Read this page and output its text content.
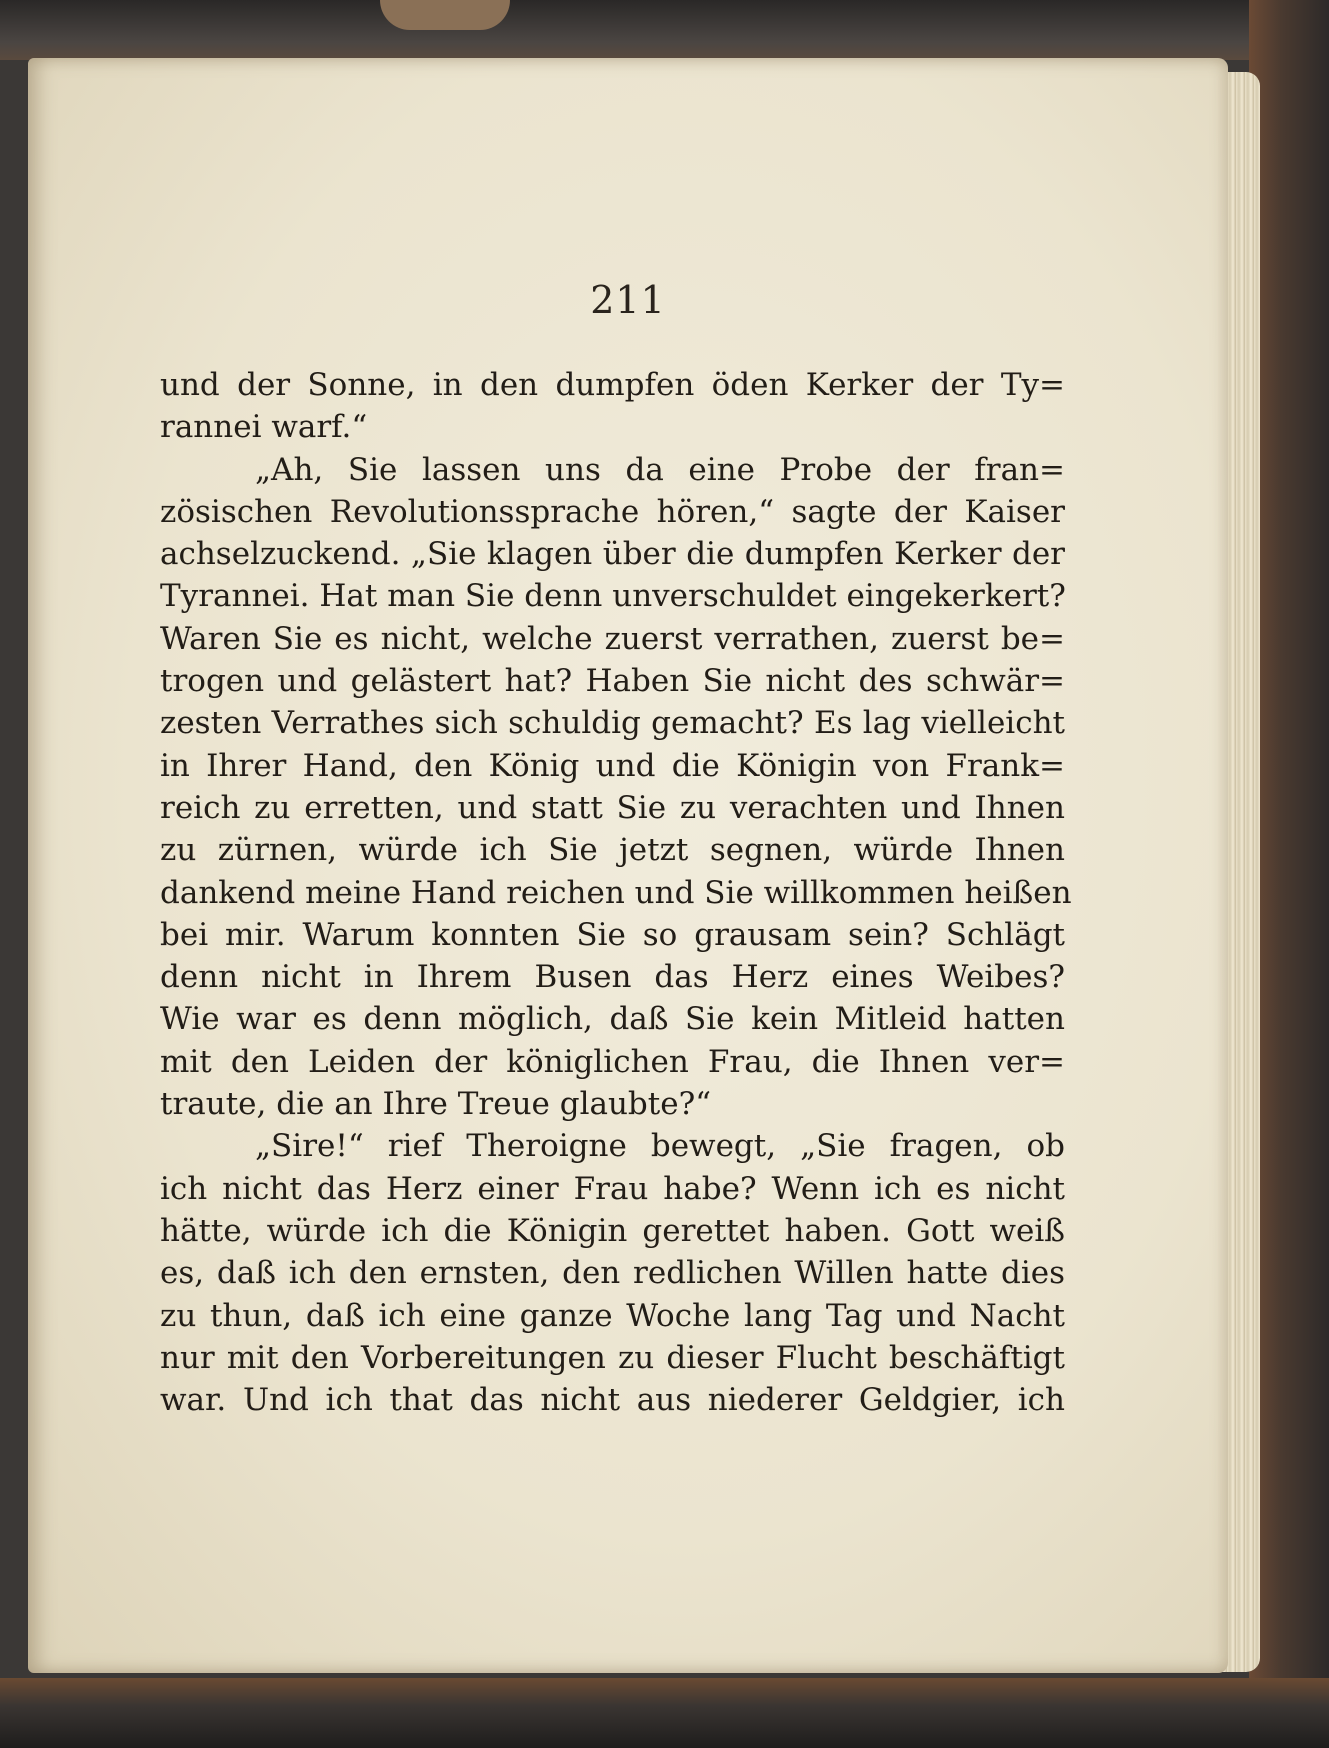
211
und der Sonne, in den dumpfen öden Kerker der Ty=
rannei warf.“
„Ah, Sie lassen uns da eine Probe der fran=
zösischen Revolutionssprache hören,“ sagte der Kaiser
achselzuckend. „Sie klagen über die dumpfen Kerker der
Tyrannei. Hat man Sie denn unverschuldet eingekerkert?
Waren Sie es nicht, welche zuerst verrathen, zuerst be=
trogen und gelästert hat? Haben Sie nicht des schwär=
zesten Verrathes sich schuldig gemacht? Es lag vielleicht
in Ihrer Hand, den König und die Königin von Frank=
reich zu erretten, und statt Sie zu verachten und Ihnen
zu zürnen, würde ich Sie jetzt segnen, würde Ihnen
dankend meine Hand reichen und Sie willkommen heißen
bei mir. Warum konnten Sie so grausam sein? Schlägt
denn nicht in Ihrem Busen das Herz eines Weibes?
Wie war es denn möglich, daß Sie kein Mitleid hatten
mit den Leiden der königlichen Frau, die Ihnen ver=
traute, die an Ihre Treue glaubte?“
„Sire!“ rief Theroigne bewegt, „Sie fragen, ob
ich nicht das Herz einer Frau habe? Wenn ich es nicht
hätte, würde ich die Königin gerettet haben. Gott weiß
es, daß ich den ernsten, den redlichen Willen hatte dies
zu thun, daß ich eine ganze Woche lang Tag und Nacht
nur mit den Vorbereitungen zu dieser Flucht beschäftigt
war. Und ich that das nicht aus niederer Geldgier, ich
